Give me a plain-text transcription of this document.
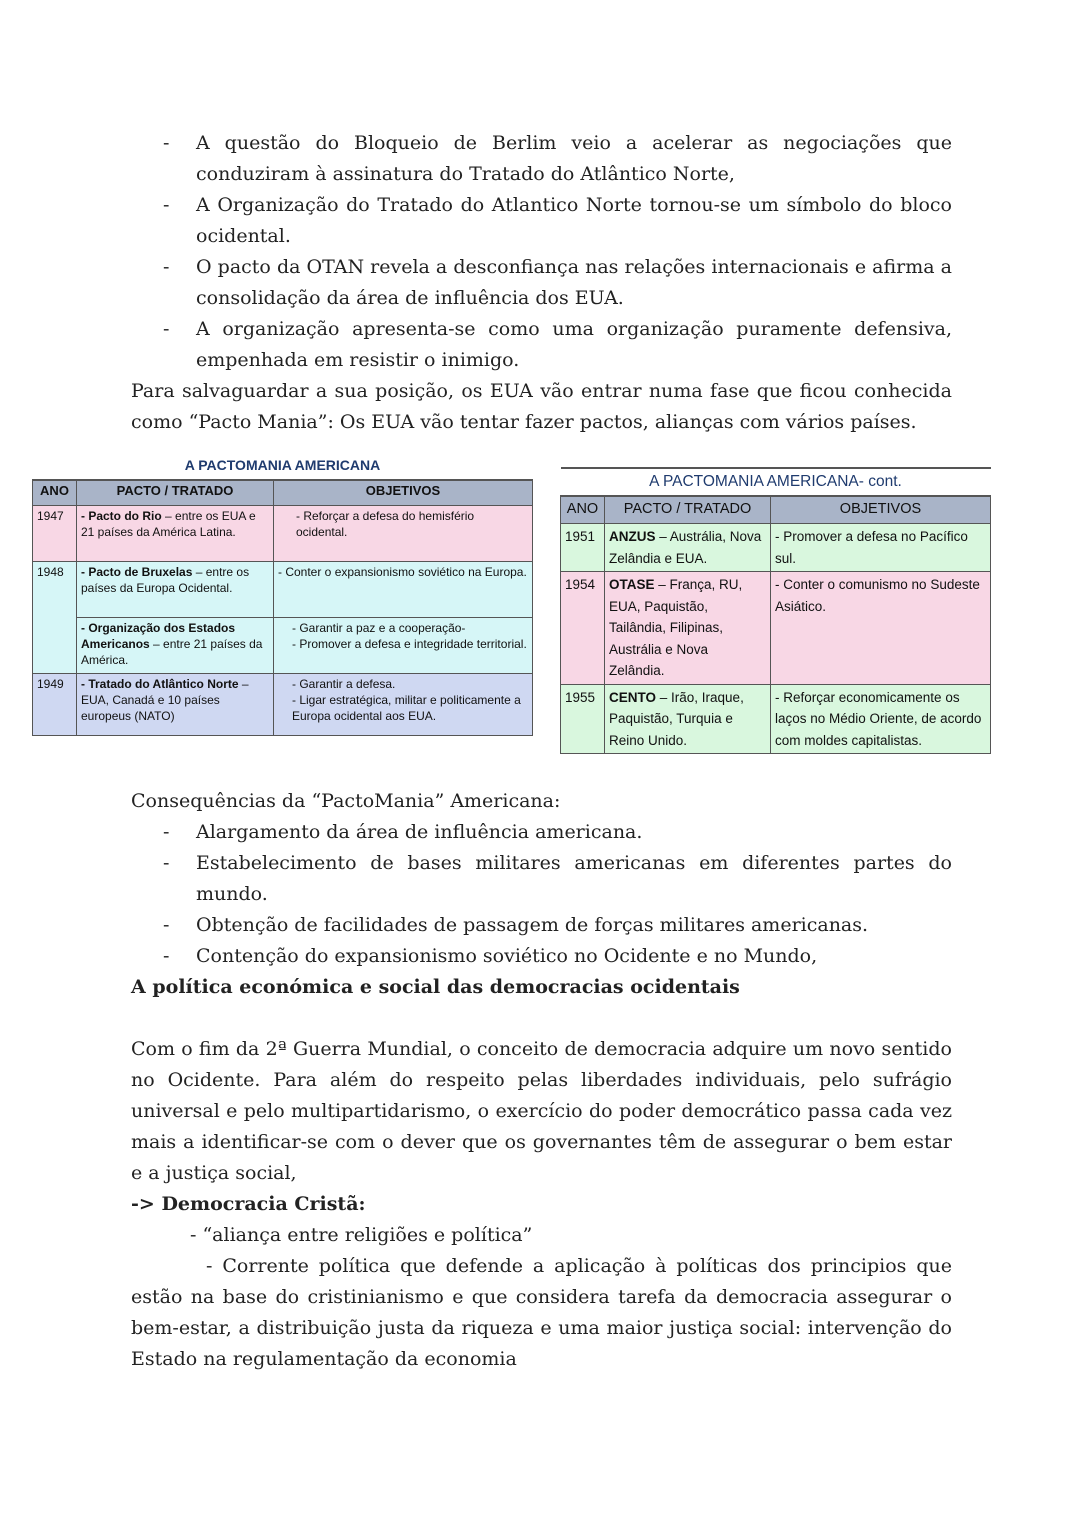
- A questão do Bloqueio de Berlim veio a acelerar as negociações que conduziram à assinatura do Tratado do Atlântico Norte,
- A Organização do Tratado do Atlantico Norte tornou-se um símbolo do bloco ocidental.
- O pacto da OTAN revela a desconfiança nas relações internacionais e afirma a consolidação da área de influência dos EUA.
- A organização apresenta-se como uma organização puramente defensiva, empenhada em resistir o inimigo.

Para salvaguardar a sua posição, os EUA vão entrar numa fase que ficou conhecida como “Pacto Mania”: Os EUA vão tentar fazer pactos, alianças com vários países.

A PACTOMANIA AMERICANA		
ANO	PACTO / TRATADO	OBJETIVOS
1947	- Pacto do Rio – entre os EUA e 21 países da América Latina.	- Reforçar a defesa do hemisfério ocidental.
1948	- Pacto de Bruxelas – entre os países da Europa Ocidental.	- Conter o expansionismo soviético na Europa.
	- Organização dos Estados Americanos – entre 21 países da América.	- Garantir a paz e a cooperação-
- Promover a defesa e integridade territorial.

1949	- Tratado do Atlântico Norte – EUA, Canadá e 10 países europeus (NATO)	- Garantir a defesa.
- Ligar estratégica, militar e politicamente a Europa ocidental aos EUA.
A PACTOMANIA AMERICANA- cont.		
ANO	PACTO / TRATADO	OBJETIVOS
1951	ANZUS – Austrália, Nova Zelândia e EUA.	- Promover a defesa no Pacífico sul.
1954	OTASE – França, RU, EUA, Paquistão, Tailândia, Filipinas, Austrália e Nova Zelândia.	- Conter o comunismo no Sudeste Asiático.
1955	CENTO – Irão, Iraque, Paquistão, Turquia e Reino Unido.	- Reforçar economicamente os laços no Médio Oriente, de acordo com moldes capitalistas.

Consequências da “PactoMania” Americana:

- Alargamento da área de influência americana.
- Estabelecimento de bases militares americanas em diferentes partes do mundo.
- Obtenção de facilidades de passagem de forças militares americanas.
- Contenção do expansionismo soviético no Ocidente e no Mundo,

A política económica e social das democracias ocidentais

Com o fim da 2ª Guerra Mundial, o conceito de democracia adquire um novo sentido no Ocidente. Para além do respeito pelas liberdades individuais, pelo sufrágio universal e pelo multipartidarismo, o exercício do poder democrático passa cada vez mais a identificar-se com o dever que os governantes têm de assegurar o bem estar e a justiça social,

-> Democracia Cristã:

- “aliança entre religiões e política”

- Corrente política que defende a aplicação à políticas dos principios que estão na base do cristinianismo e que considera tarefa da democracia assegurar o bem-estar, a distribuição justa da riqueza e uma maior justiça social: intervenção do Estado na regulamentação da economia
